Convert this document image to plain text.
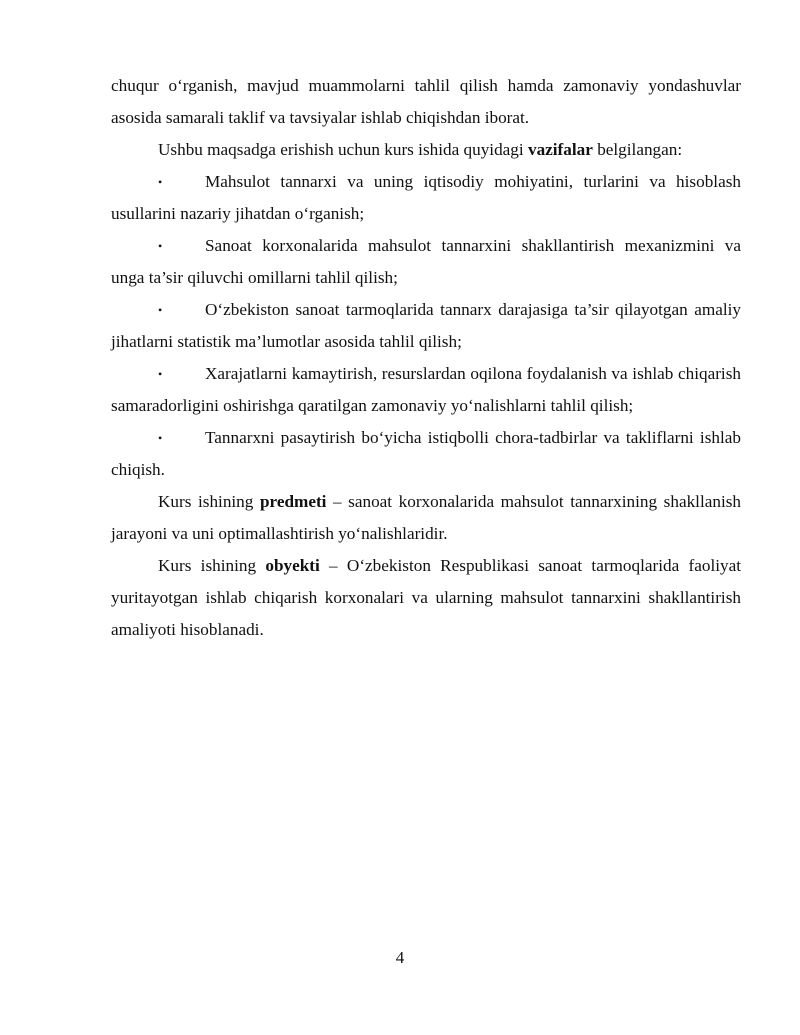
chuqur o‘rganish, mavjud muammolarni tahlil qilish hamda zamonaviy yondashuvlar asosida samarali taklif va tavsiyalar ishlab chiqishdan iborat.

Ushbu maqsadga erishish uchun kurs ishida quyidagi vazifalar belgilangan:

• Mahsulot tannarxi va uning iqtisodiy mohiyatini, turlarini va hisoblash usullarini nazariy jihatdan o‘rganish;

• Sanoat korxonalarida mahsulot tannarxini shakllantirish mexanizmini va unga ta’sir qiluvchi omillarni tahlil qilish;

• O‘zbekiston sanoat tarmoqlarida tannarx darajasiga ta’sir qilayotgan amaliy jihatlarni statistik ma’lumotlar asosida tahlil qilish;

• Xarajatlarni kamaytirish, resurslardan oqilona foydalanish va ishlab chiqarish samaradorligini oshirishga qaratilgan zamonaviy yo‘nalishlarni tahlil qilish;

• Tannarxni pasaytirish bo‘yicha istiqbolli chora-tadbirlar va takliflarni ishlab chiqish.

Kurs ishining predmeti – sanoat korxonalarida mahsulot tannarxining shakllanish jarayoni va uni optimallashtirish yo‘nalishlaridir.

Kurs ishining obyekti – O‘zbekiston Respublikasi sanoat tarmoqlarida faoliyat yuritayotgan ishlab chiqarish korxonalari va ularning mahsulot tannarxini shakllantirish amaliyoti hisoblanadi.

4
